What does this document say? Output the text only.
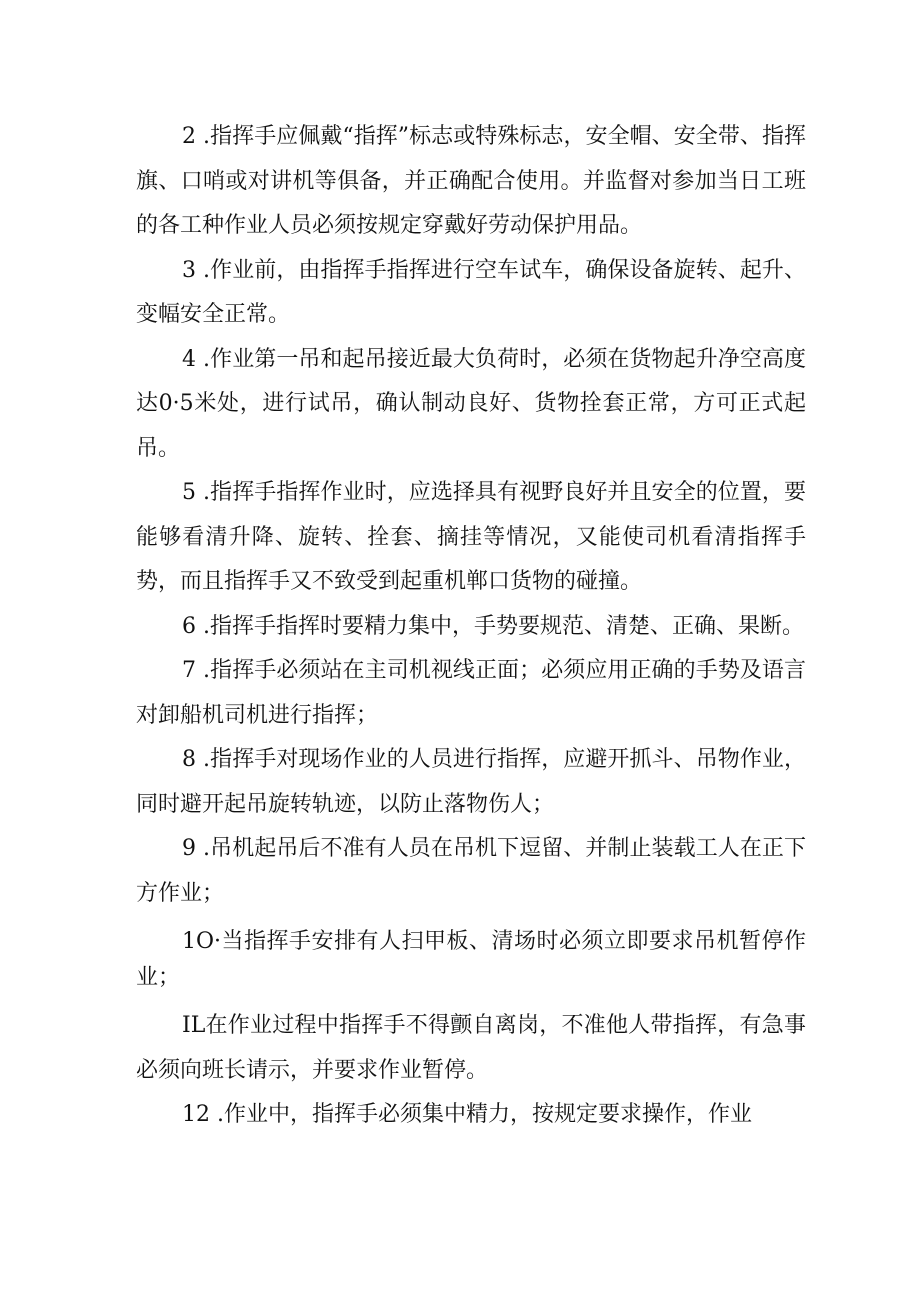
2 .指挥手应佩戴“指挥”标志或特殊标志，安全帽、安全带、指挥旗、口哨或对讲机等俱备，并正确配合使用。并监督对参加当日工班的各工种作业人员必须按规定穿戴好劳动保护用品。

3 .作业前，由指挥手指挥进行空车试车，确保设备旋转、起升、变幅安全正常。

4 .作业第一吊和起吊接近最大负荷时，必须在货物起升净空高度达0·5米处，进行试吊，确认制动良好、货物拴套正常，方可正式起吊。

5 .指挥手指挥作业时，应选择具有视野良好并且安全的位置，要能够看清升降、旋转、拴套、摘挂等情况，又能使司机看清指挥手势，而且指挥手又不致受到起重机郸口货物的碰撞。

6 .指挥手指挥时要精力集中，手势要规范、清楚、正确、果断。

7 .指挥手必须站在主司机视线正面；必须应用正确的手势及语言对卸船机司机进行指挥；

8 .指挥手对现场作业的人员进行指挥，应避开抓斗、吊物作业，同时避开起吊旋转轨迹，以防止落物伤人；

9 .吊机起吊后不准有人员在吊机下逗留、并制止装载工人在正下方作业；

1O·当指挥手安排有人扫甲板、清场时必须立即要求吊机暂停作业；

IL在作业过程中指挥手不得颤自离岗，不准他人带指挥，有急事必须向班长请示，并要求作业暂停。

12 .作业中，指挥手必须集中精力，按规定要求操作，作业
